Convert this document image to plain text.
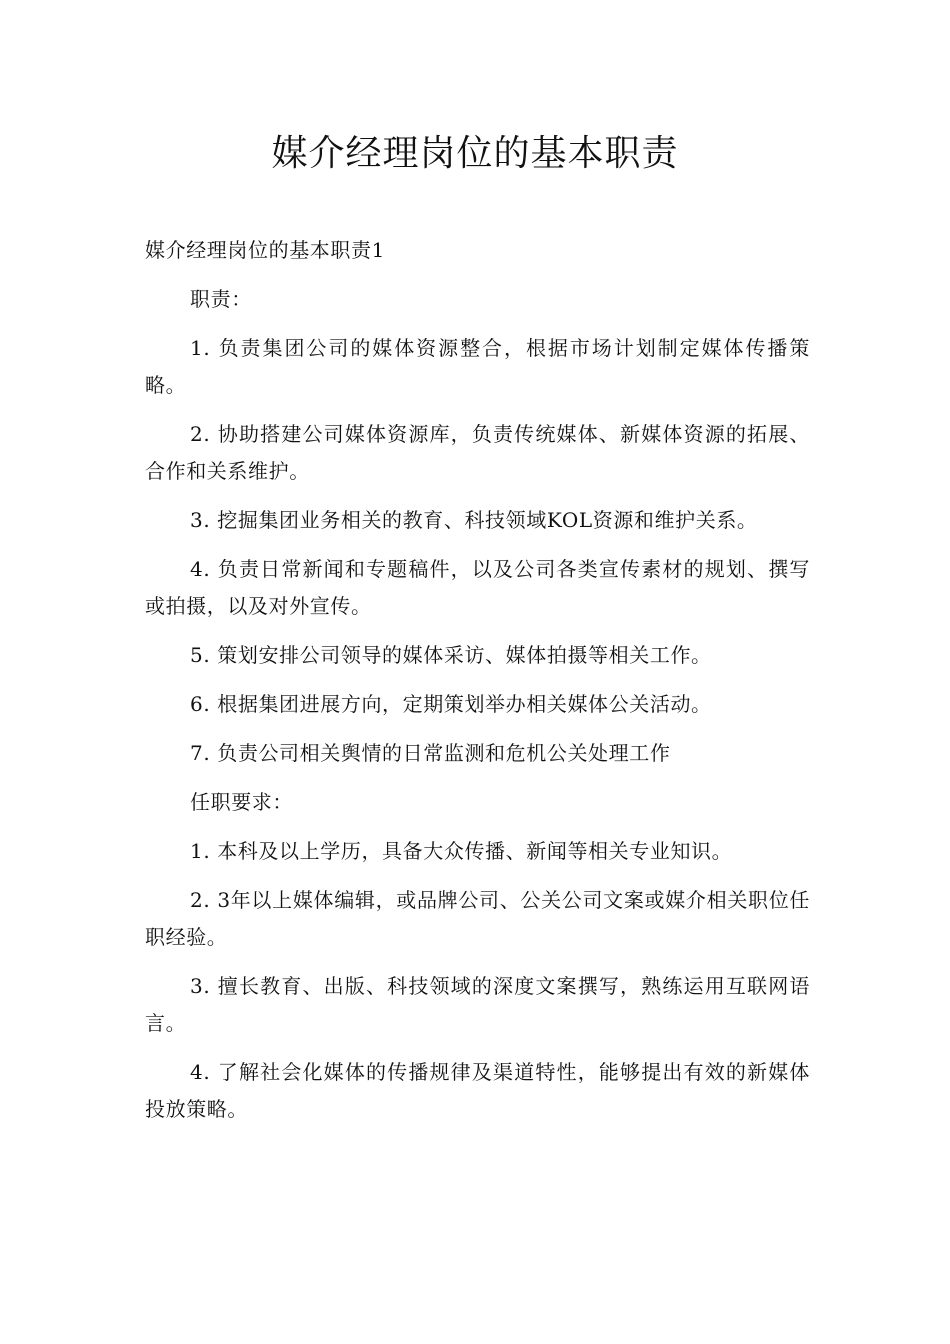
媒介经理岗位的基本职责

媒介经理岗位的基本职责1

职责：

1. 负责集团公司的媒体资源整合，根据市场计划制定媒体传播策略。

2. 协助搭建公司媒体资源库，负责传统媒体、新媒体资源的拓展、合作和关系维护。

3. 挖掘集团业务相关的教育、科技领域KOL资源和维护关系。

4. 负责日常新闻和专题稿件，以及公司各类宣传素材的规划、撰写或拍摄，以及对外宣传。

5. 策划安排公司领导的媒体采访、媒体拍摄等相关工作。

6. 根据集团进展方向，定期策划举办相关媒体公关活动。

7. 负责公司相关舆情的日常监测和危机公关处理工作

任职要求：

1. 本科及以上学历，具备大众传播、新闻等相关专业知识。

2. 3年以上媒体编辑，或品牌公司、公关公司文案或媒介相关职位任职经验。

3. 擅长教育、出版、科技领域的深度文案撰写，熟练运用互联网语言。

4. 了解社会化媒体的传播规律及渠道特性，能够提出有效的新媒体投放策略。
